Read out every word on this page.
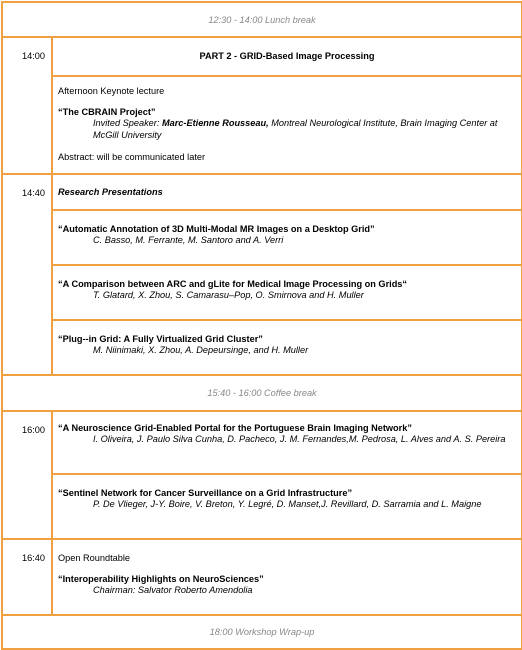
12:30 - 14:00 Lunch break	
14:00	PART 2 - GRID-Based Image Processing

	Afternoon Keynote lecture
“The CBRAIN Project”
Invited Speaker: Marc-Etienne Rousseau, Montreal Neurological Institute, Brain Imaging Center at McGill University
Abstract: will be communicated later

14:40	Research Presentations

	“Automatic Annotation of 3D Multi-Modal MR Images on a Desktop Grid”
C. Basso, M. Ferrante, M. Santoro and A. Verri

	“A Comparison between ARC and gLite for Medical Image Processing on Grids“
T. Glatard, X. Zhou, S. Camarasu–Pop, O. Smirnova and H. Muller

	“Plug--in Grid: A Fully Virtualized Grid Cluster”
M. Niinimaki, X. Zhou, A. Depeursinge, and H. Muller

15:40 - 16:00 Coffee break	
16:00	“A Neuroscience Grid-Enabled Portal for the Portuguese Brain Imaging Network”
I. Oliveira, J. Paulo Silva Cunha, D. Pacheco, J. M. Fernandes,M. Pedrosa, L. Alves and A. S. Pereira

	“Sentinel Network for Cancer Surveillance on a Grid Infrastructure”
P. De Vlieger, J-Y. Boire, V. Breton, Y. Legré, D. Manset,J. Revillard, D. Sarramia and L. Maigne

16:40	Open Roundtable
“Interoperability Highlights on NeuroSciences”
Chairman: Salvator Roberto Amendolia

18:00 Workshop Wrap-up	
